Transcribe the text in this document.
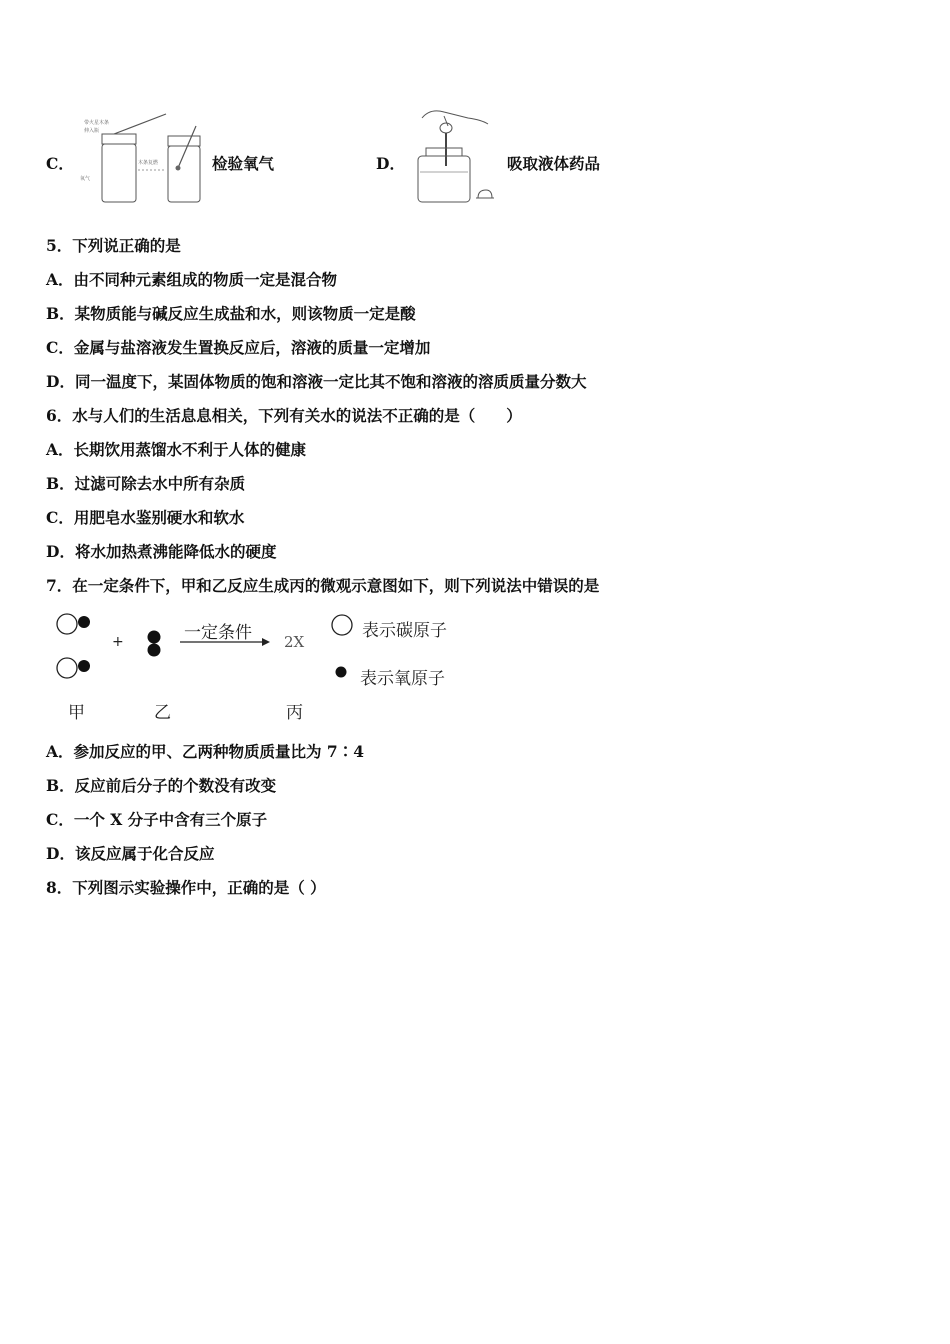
C．
带火星木条
伸入瓶
氧气
木条复燃	检验氧气	D．	吸取液体药品
5．下列说正确的是
A．由不同种元素组成的物质一定是混合物
B．某物质能与碱反应生成盐和水，则该物质一定是酸
C．金属与盐溶液发生置换反应后，溶液的质量一定增加
D．同一温度下，某固体物质的饱和溶液一定比其不饱和溶液的溶质质量分数大
6．水与人们的生活息息相关，下列有关水的说法不正确的是（　　）
A．长期饮用蒸馏水不利于人体的健康
B．过滤可除去水中所有杂质
C．用肥皂水鉴别硬水和软水
D．将水加热煮沸能降低水的硬度
7．在一定条件下，甲和乙反应生成丙的微观示意图如下，则下列说法中错误的是
+	一定条件 2X
表示碳原子
表示氧原子
甲	乙	丙
A．参加反应的甲、乙两种物质质量比为 7∶4
B．反应前后分子的个数没有改变
C．一个 X 分子中含有三个原子
D．该反应属于化合反应
8．下列图示实验操作中，正确的是（ ）
